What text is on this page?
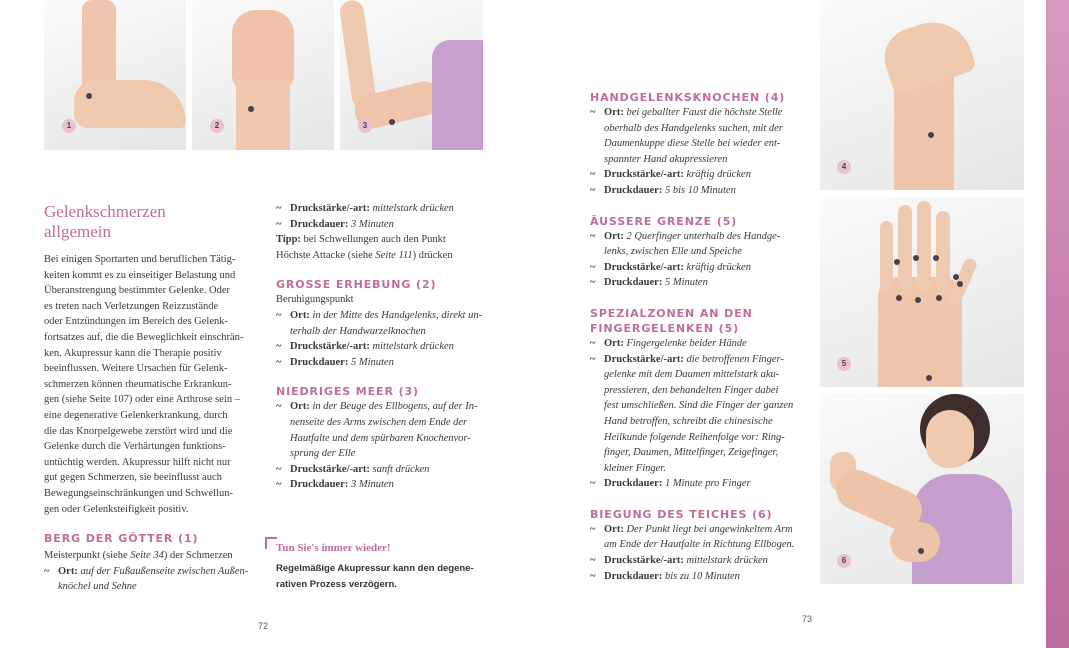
1	2	3
Gelenkschmerzen
allgemein
Bei einigen Sportarten und beruflichen Tätig-
keiten kommt es zu einseitiger Belastung und
Überanstrengung bestimmter Gelenke. Oder
es treten nach Verletzungen Reizzustände
oder Entzündungen im Bereich des Gelenk-
fortsatzes auf, die die Beweglichkeit einschrän-
ken. Akupressur kann die Therapie positiv
beeinflussen. Weitere Ursachen für Gelenk-
schmerzen können rheumatische Erkrankun-
gen (siehe Seite 107) oder eine Arthrose sein –
eine degenerative Gelenkerkrankung, durch
die das Knorpelgewebe zerstört wird und die
Gelenke durch die Verhärtungen funktions-
untüchtig werden. Akupressur hilft nicht nur
gut gegen Schmerzen, sie beeinflusst auch
Bewegungseinschränkungen und Schwellun-
gen oder Gelenksteifigkeit positiv.
BERG DER GÖTTER (1)
Meisterpunkt (siehe Seite 34) der Schmerzen
~ Ort: auf der Fußaußenseite zwischen Außen-
knöchel und Sehne
~ Druckstärke/-art: mittelstark drücken
~ Druckdauer: 3 Minuten
Tipp: bei Schwellungen auch den Punkt
Höchste Attacke (siehe Seite 111) drücken
GROSSE ERHEBUNG (2)
Beruhigungspunkt
~ Ort: in der Mitte des Handgelenks, direkt un-
terhalb der Handwurzelknochen
~ Druckstärke/-art: mittelstark drücken
~ Druckdauer: 5 Minuten
NIEDRIGES MEER (3)
~ Ort: in der Beuge des Ellbogens, auf der In-
nenseite des Arms zwischen dem Ende der
Hautfalte und dem spürbaren Knochenvor-
sprung der Elle
~ Druckstärke/-art: sanft drücken
~ Druckdauer: 3 Minuten
Tun Sie's immer wieder!
Regelmäßige Akupressur kann den degene-
rativen Prozess verzögern.
72
HANDGELENKSKNOCHEN (4)
~ Ort: bei geballter Faust die höchste Stelle
oberhalb des Handgelenks suchen, mit der
Daumenkuppe diese Stelle bei wieder ent-
spannter Hand akupressieren
~ Druckstärke/-art: kräftig drücken
~ Druckdauer: 5 bis 10 Minuten
ÄUSSERE GRENZE (5)
~ Ort: 2 Querfinger unterhalb des Handge-
lenks, zwischen Elle und Speiche
~ Druckstärke/-art: kräftig drücken
~ Druckdauer: 5 Minuten
SPEZIALZONEN AN DEN
FINGERGELENKEN (5)
~ Ort: Fingergelenke beider Hände
~ Druckstärke/-art: die betroffenen Finger-
gelenke mit dem Daumen mittelstark aku-
pressieren, den behandelten Finger dabei
fest umschließen. Sind die Finger der ganzen
Hand betroffen, schreibt die chinesische
Heilkunde folgende Reihenfolge vor: Ring-
finger, Daumen, Mittelfinger, Zeigefinger,
kleiner Finger.
~ Druckdauer: 1 Minute pro Finger
BIEGUNG DES TEICHES (6)
~ Ort: Der Punkt liegt bei angewinkeltem Arm
am Ende der Hautfalte in Richtung Ellbogen.
~ Druckstärke/-art: mittelstark drücken
~ Druckdauer: bis zu 10 Minuten
4
5
6
73
